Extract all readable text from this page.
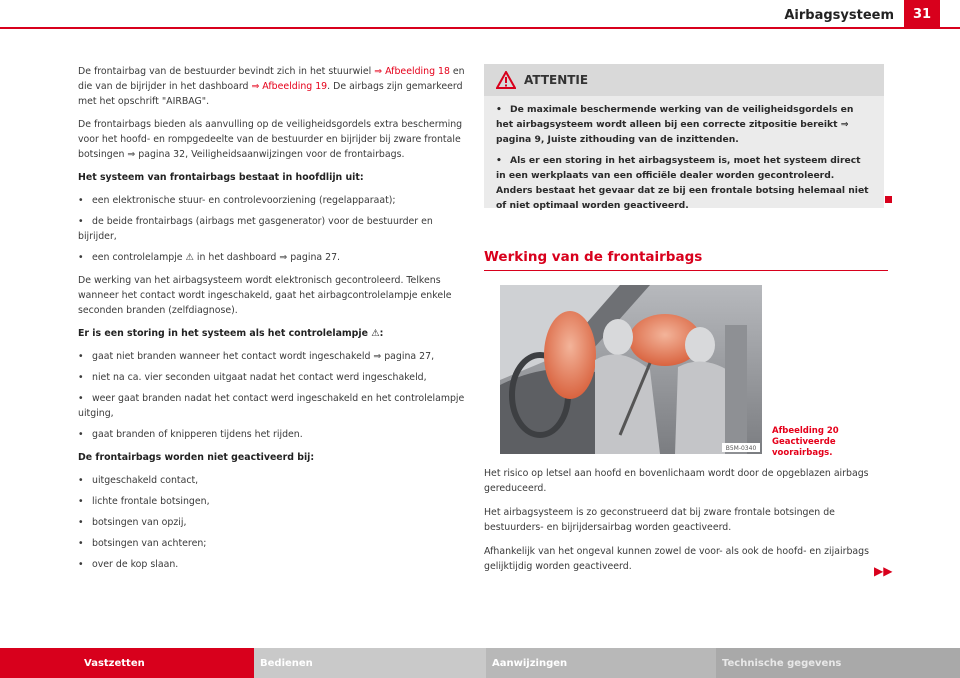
Airbagsysteem	31

De frontairbag van de bestuurder bevindt zich in het stuurwiel ⇒ Afbeelding 18 en die van de bijrijder in het dashboard ⇒ Afbeelding 19. De airbags zijn gemarkeerd met het opschrift "AIRBAG".

De frontairbags bieden als aanvulling op de veiligheidsgordels extra bescherming voor het hoofd- en rompgedeelte van de bestuurder en bijrijder bij zware frontale botsingen ⇒ pagina 32, Veiligheidsaanwijzingen voor de frontairbags.

Het systeem van frontairbags bestaat in hoofdlijn uit:

• een elektronische stuur- en controlevoorziening (regelapparaat);
• de beide frontairbags (airbags met gasgenerator) voor de bestuurder en bijrijder,
• een controlelampje ⚠ in het dashboard ⇒ pagina 27.

De werking van het airbagsysteem wordt elektronisch gecontroleerd. Telkens wanneer het contact wordt ingeschakeld, gaat het airbagcontrolelampje enkele seconden branden (zelfdiagnose).

Er is een storing in het systeem als het controlelampje ⚠:

• gaat niet branden wanneer het contact wordt ingeschakeld ⇒ pagina 27,
• niet na ca. vier seconden uitgaat nadat het contact werd ingeschakeld,
• weer gaat branden nadat het contact werd ingeschakeld en het controlelampje uitging,
• gaat branden of knipperen tijdens het rijden.

De frontairbags worden niet geactiveerd bij:

• uitgeschakeld contact,
• lichte frontale botsingen,
• botsingen van opzij,
• botsingen van achteren;
• over de kop slaan.
ATTENTIE

• De maximale beschermende werking van de veiligheidsgordels en het airbagsysteem wordt alleen bij een correcte zitpositie bereikt ⇒ pagina 9, Juiste zithouding van de inzittenden.

• Als er een storing in het airbagsysteem is, moet het systeem direct in een werkplaats van een officiële dealer worden gecontroleerd. Anders bestaat het gevaar dat ze bij een frontale botsing helemaal niet of niet optimaal worden geactiveerd.

Werking van de frontairbags
B5M-0340
Afbeelding 20 Geactiveerde voorairbags.

Het risico op letsel aan hoofd en bovenlichaam wordt door de opgeblazen airbags gereduceerd.

Het airbagsysteem is zo geconstrueerd dat bij zware frontale botsingen de bestuurders- en bijrijdersairbag worden geactiveerd.

Afhankelijk van het ongeval kunnen zowel de voor- als ook de hoofd- en zijairbags gelijktijdig worden geactiveerd.	▶▶
Vastzetten	Bedienen	Aanwijzingen	Technische gegevens
